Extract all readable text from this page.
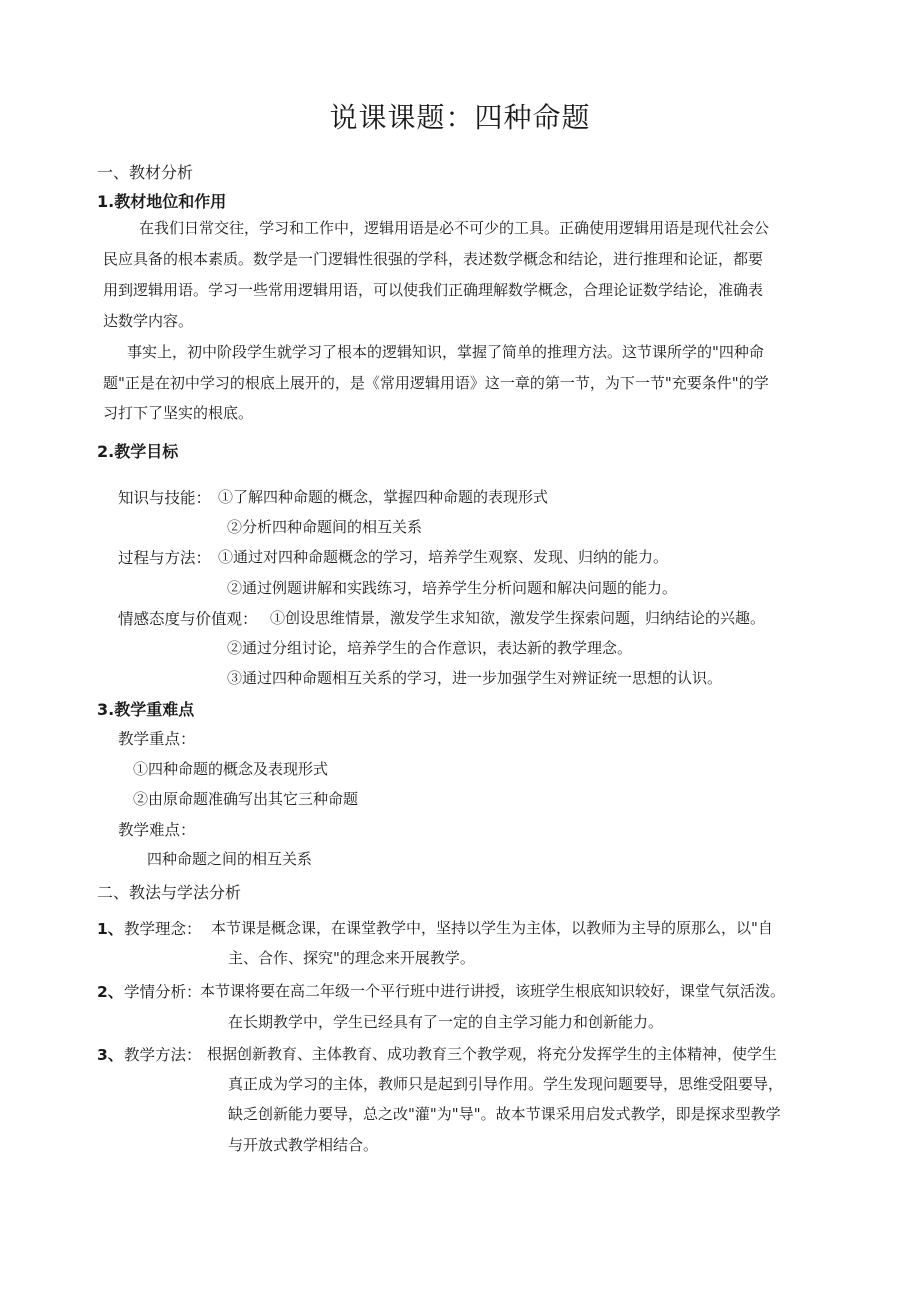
说课课题：四种命题
一、教材分析
1.教材地位和作用
在我们日常交往，学习和工作中，逻辑用语是必不可少的工具。正确使用逻辑用语是现代社会公
民应具备的根本素质。数学是一门逻辑性很强的学科，表述数学概念和结论，进行推理和论证，都要
用到逻辑用语。学习一些常用逻辑用语，可以使我们正确理解数学概念，合理论证数学结论，准确表
达数学内容。
事实上，初中阶段学生就学习了根本的逻辑知识，掌握了简单的推理方法。这节课所学的"四种命
题"正是在初中学习的根底上展开的，是《常用逻辑用语》这一章的第一节，为下一节"充要条件"的学
习打下了坚实的根底。
2.教学目标
知识与技能： ①了解四种命题的概念，掌握四种命题的表现形式
②分析四种命题间的相互关系
过程与方法： ①通过对四种命题概念的学习，培养学生观察、发现、归纳的能力。
②通过例题讲解和实践练习，培养学生分析问题和解决问题的能力。
情感态度与价值观： ①创设思维情景，激发学生求知欲，激发学生探索问题，归纳结论的兴趣。
②通过分组讨论，培养学生的合作意识，表达新的教学理念。
③通过四种命题相互关系的学习，进一步加强学生对辨证统一思想的认识。
3.教学重难点
教学重点：
①四种命题的概念及表现形式
②由原命题准确写出其它三种命题
教学难点：
四种命题之间的相互关系
二、教法与学法分析
1、 教学理念： 本节课是概念课，在课堂教学中，坚持以学生为主体，以教师为主导的原那么，以"自
主、合作、探究"的理念来开展教学。
2、 学情分析：
本节课将要在高二年级一个平行班中进行讲授，该班学生根底知识较好，课堂气氛活泼。
在长期教学中，学生已经具有了一定的自主学习能力和创新能力。
3、 教学方法： 根据创新教育、主体教育、成功教育三个教学观，将充分发挥学生的主体精神，使学生
真正成为学习的主体，教师只是起到引导作用。学生发现问题要导，思维受阻要导，
缺乏创新能力要导，总之改"灌"为"导"。故本节课采用启发式教学，即是探求型教学
与开放式教学相结合。
